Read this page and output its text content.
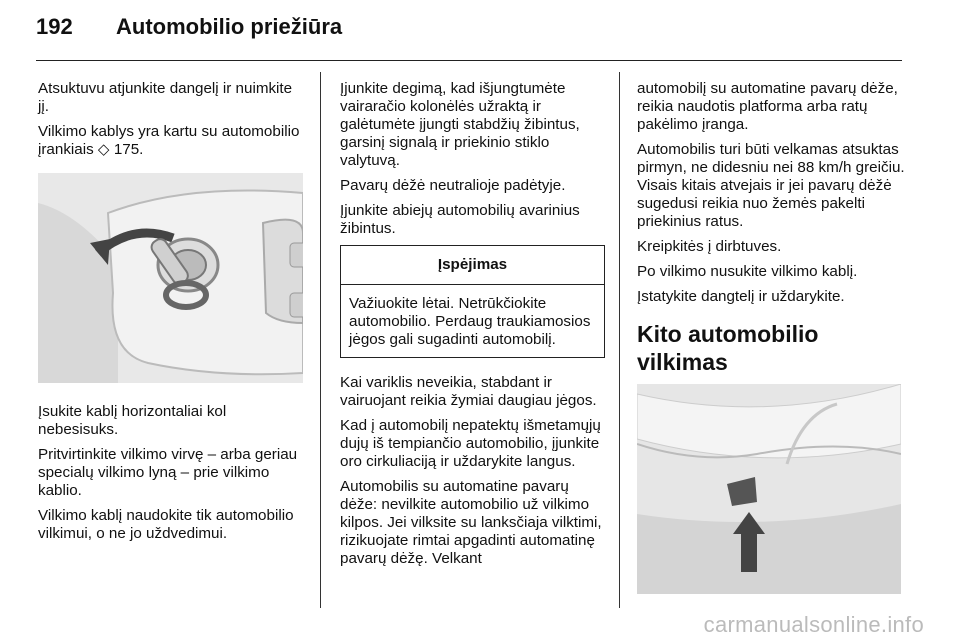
192	Automobilio priežiūra

Atsuktuvu atjunkite dangelį ir nuimkite jį.

Vilkimo kablys yra kartu su automobilio įrankiais ◇ 175.

Įsukite kablį horizontaliai kol nebesisuks.

Pritvirtinkite vilkimo virvę – arba geriau specialų vilkimo lyną – prie vilkimo kablio.

Vilkimo kablį naudokite tik automobilio vilkimui, o ne jo uždvedimui.

Įjunkite degimą, kad išjungtumėte vairaračio kolonėlės užraktą ir galėtumėte įjungti stabdžių žibintus, garsinį signalą ir priekinio stiklo valytuvą.

Pavarų dėžė neutralioje padėtyje.

Įjunkite abiejų automobilių avarinius žibintus.

Įspėjimas
Važiuokite lėtai. Netrūkčiokite automobilio. Perdaug traukiamosios jėgos gali sugadinti automobilį.

Kai variklis neveikia, stabdant ir vairuojant reikia žymiai daugiau jėgos.

Kad į automobilį nepatektų išmetamųjų dujų iš tempiančio automobilio, įjunkite oro cirkuliaciją ir uždarykite langus.

Automobilis su automatine pavarų dėže: nevilkite automobilio už vilkimo kilpos. Jei vilksite su lanksčiaja vilktimi, rizikuojate rimtai apgadinti automatinę pavarų dėžę. Velkant

automobilį su automatine pavarų dėže, reikia naudotis platforma arba ratų pakėlimo įranga.

Automobilis turi būti velkamas atsuktas pirmyn, ne didesniu nei 88 km/h greičiu. Visais kitais atvejais ir jei pavarų dėžė sugedusi reikia nuo žemės pakelti priekinius ratus.

Kreipkitės į dirbtuves.

Po vilkimo nusukite vilkimo kablį.

Įstatykite dangtelį ir uždarykite.

Kito automobilio vilkimas
carmanualsonline.info
